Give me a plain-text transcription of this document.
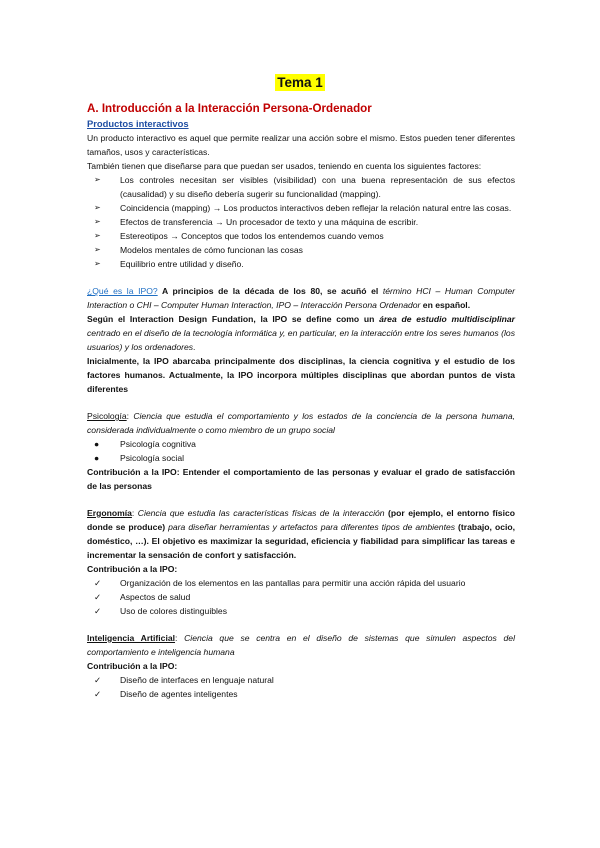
Tema 1
A. Introducción a la Interacción Persona-Ordenador
Productos interactivos

Un producto interactivo es aquel que permite realizar una acción sobre el mismo. Estos pueden tener diferentes tamaños, usos y características.

También tienen que diseñarse para que puedan ser usados, teniendo en cuenta los siguientes factores:

➢	Los controles necesitan ser visibles (visibilidad) con una buena representación de sus efectos (causalidad) y su diseño debería sugerir su funcionalidad (mapping).
➢	Coincidencia (mapping) → Los productos interactivos deben reflejar la relación natural entre las cosas.
➢	Efectos de transferencia → Un procesador de texto y una máquina de escribir.
➢	Estereotipos → Conceptos que todos los entendemos cuando vemos
➢	Modelos mentales de cómo funcionan las cosas
➢	Equilibrio entre utilidad y diseño.

¿Qué es la IPO? A principios de la década de los 80, se acuñó el término HCI – Human Computer Interaction o CHI – Computer Human Interaction, IPO – Interacción Persona Ordenador en español.

Según el Interaction Design Fundation, la IPO se define como un área de estudio multidisciplinar centrado en el diseño de la tecnología informática y, en particular, en la interacción entre los seres humanos (los usuarios) y los ordenadores.

Inicialmente, la IPO abarcaba principalmente dos disciplinas, la ciencia cognitiva y el estudio de los factores humanos. Actualmente, la IPO incorpora múltiples disciplinas que abordan puntos de vista diferentes

Psicología: Ciencia que estudia el comportamiento y los estados de la conciencia de la persona humana, considerada individualmente o como miembro de un grupo social

●	Psicología cognitiva
●	Psicología social

Contribución a la IPO: Entender el comportamiento de las personas y evaluar el grado de satisfacción de las personas

Ergonomía: Ciencia que estudia las características físicas de la interacción (por ejemplo, el entorno físico donde se produce) para diseñar herramientas y artefactos para diferentes tipos de ambientes (trabajo, ocio, doméstico, …). El objetivo es maximizar la seguridad, eficiencia y fiabilidad para simplificar las tareas e incrementar la sensación de confort y satisfacción.

Contribución a la IPO:

✓	Organización de los elementos en las pantallas para permitir una acción rápida del usuario
✓	Aspectos de salud
✓	Uso de colores distinguibles

Inteligencia Artificial: Ciencia que se centra en el diseño de sistemas que simulen aspectos del comportamiento e inteligencia humana

Contribución a la IPO:

✓	Diseño de interfaces en lenguaje natural
✓	Diseño de agentes inteligentes
